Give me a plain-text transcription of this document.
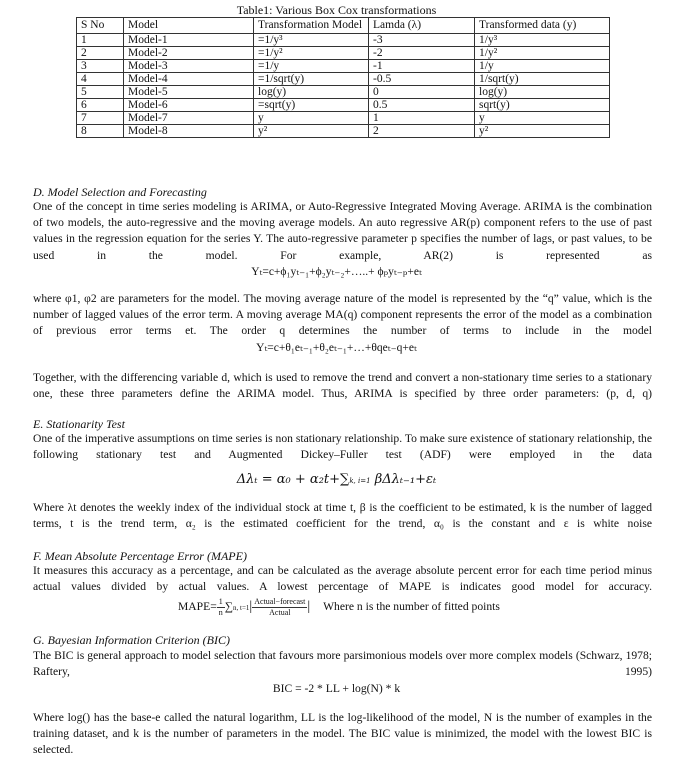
Table1: Various Box Cox transformations
S No	Model	Transformation Model	Lamda (λ)	Transformed data (y)
1	Model-1	=1/y³	-3	1/y³
2	Model-2	=1/y²	-2	1/y²
3	Model-3	=1/y	-1	1/y
4	Model-4	=1/sqrt(y)	-0.5	1/sqrt(y)
5	Model-5	log(y)	0	log(y)
6	Model-6	=sqrt(y)	0.5	sqrt(y)
7	Model-7	y	1	y
8	Model-8	y²	2	y²
D. Model Selection and Forecasting
One of the concept in time series modeling is ARIMA, or Auto-Regressive Integrated Moving Average. ARIMA is the combination of two models, the auto-regressive and the moving average models. An auto regressive AR(p) component refers to the use of past values in the regression equation for the series Y. The auto-regressive parameter p specifies the number of lags, or past values, to be used in the model. For example, AR(2) is represented as
Yₜ=c+ϕ₁yₜ₋₁+ϕ₂yₜ₋₂+…..+ ϕₚyₜ₋ₚ+eₜ
where φ1, φ2 are parameters for the model. The moving average nature of the model is represented by the “q” value, which is the number of lagged values of the error term. A moving average MA(q) component represents the error of the model as a combination of previous error terms et. The order q determines the number of terms to include in the model
Yₜ=c+θ₁eₜ₋₁+θ₂eₜ₋₁+…+θqeₜ₋q+eₜ
Together, with the differencing variable d, which is used to remove the trend and convert a non-stationary time series to a stationary one, these three parameters define the ARIMA model. Thus, ARIMA is specified by three order parameters: (p, d, q)
E. Stationarity Test
One of the imperative assumptions on time series is non stationary relationship. To make sure existence of stationary relationship, the following stationary test and Augmented Dickey–Fuller test (ADF) were employed in the data
Δλₜ = α₀ + α₂t+∑k, i=1 βΔλₜ₋₁+εₜ
Where λt denotes the weekly index of the individual stock at time t, β is the coefficient to be estimated, k is the number of lagged terms, t is the trend term, α₂ is the estimated coefficient for the trend, α₀ is the constant and ε is white noise
F. Mean Absolute Percentage Error (MAPE)
It measures this accuracy as a percentage, and can be calculated as the average absolute percent error for each time period minus actual values divided by actual values. A lowest percentage of MAPE is indicates good model for accuracy.
MAPE= $\frac{1}{n} \sum n$, $t=1| \frac{\text{Actual−forecast}}{\text{Actual}}$ | Where n is the number of fitted points
G. Bayesian Information Criterion (BIC)
The BIC is general approach to model selection that favours more parsimonious models over more complex models (Schwarz, 1978; Raftery, 1995)
BIC = -2 * LL + log(N) * k
Where log() has the base-e called the natural logarithm, LL is the log-likelihood of the model, N is the number of examples in the training dataset, and k is the number of parameters in the model. The BIC value is minimized, the model with the lowest BIC is selected.
